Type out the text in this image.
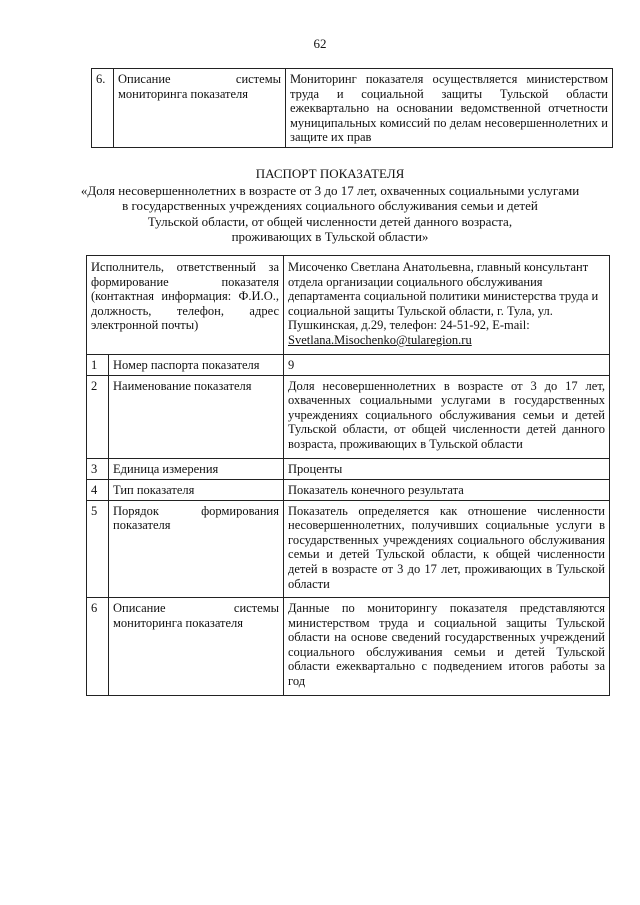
62
6.	Описание системы мониторинга показателя	Мониторинг показателя осуществляется министерством труда и социальной защиты Тульской области ежеквартально на основании ведомственной отчетности муниципальных комиссий по делам несовершеннолетних и защите их прав
ПАСПОРТ ПОКАЗАТЕЛЯ
«Доля несовершеннолетних в возрасте от 3 до 17 лет, охваченных социальными услугами
в государственных учреждениях социального обслуживания семьи и детей
Тульской области, от общей численности детей данного возраста,
проживающих в Тульской области»
Исполнитель, ответственный за формирование показателя (контактная информация: Ф.И.О., должность, телефон, адрес электронной почты)		Мисоченко Светлана Анатольевна, главный консультант отдела организации социального обслуживания департамента социальной политики министерства труда и социальной защиты Тульской области, г. Тула, ул. Пушкинская, д.29, телефон: 24-51-92, E-mail: Svetlana.Misochenko@tularegion.ru
1	Номер паспорта показателя	9
2	Наименование показателя	Доля несовершеннолетних в возрасте от 3 до 17 лет, охваченных социальными услугами в государственных учреждениях социального обслуживания семьи и детей Тульской области, от общей численности детей данного возраста, проживающих в Тульской области
3	Единица измерения	Проценты
4	Тип показателя	Показатель конечного результата
5	Порядок формирования показателя	Показатель определяется как отношение численности несовершеннолетних, получивших социальные услуги в государственных учреждениях социального обслуживания семьи и детей Тульской области, к общей численности детей в возрасте от 3 до 17 лет, проживающих в Тульской области
6	Описание системы мониторинга показателя	Данные по мониторингу показателя представляются министерством труда и социальной защиты Тульской области на основе сведений государственных учреждений социального обслуживания семьи и детей Тульской области ежеквартально с подведением итогов работы за год
